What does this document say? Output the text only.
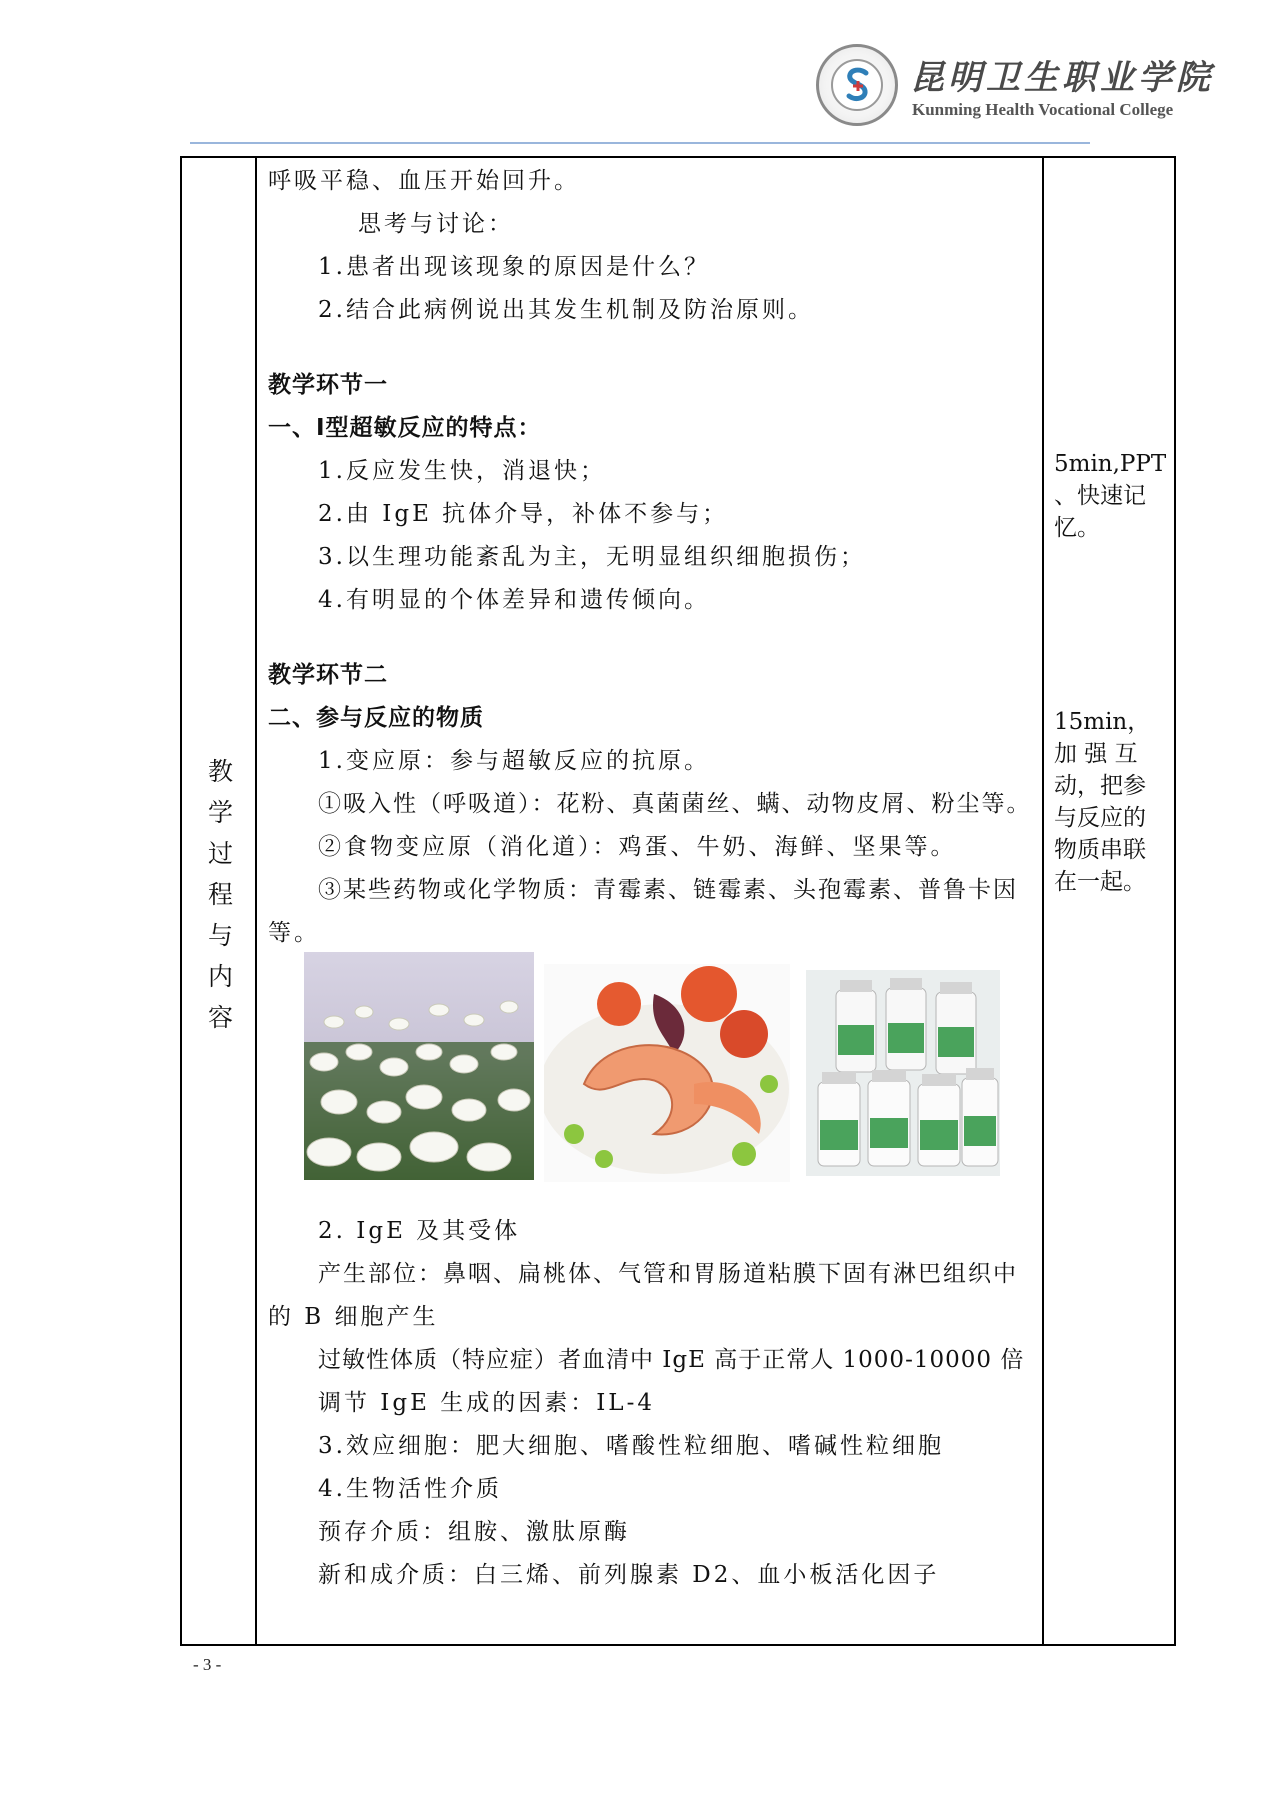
昆明卫生职业学院
Kunming Health Vocational College
教学过程与内容
呼吸平稳、血压开始回升。
思考与讨论：
1.患者出现该现象的原因是什么？
2.结合此病例说出其发生机制及防治原则。
教学环节一
一、Ⅰ型超敏反应的特点：
1.反应发生快，消退快；
2.由 IgE 抗体介导，补体不参与；
3.以生理功能紊乱为主，无明显组织细胞损伤；
4.有明显的个体差异和遗传倾向。
教学环节二
二、参与反应的物质
1.变应原：参与超敏反应的抗原。
①吸入性（呼吸道）：花粉、真菌菌丝、螨、动物皮屑、粉尘等。
②食物变应原（消化道）：鸡蛋、牛奶、海鲜、坚果等。
③某些药物或化学物质：青霉素、链霉素、头孢霉素、普鲁卡因
等。
2. IgE 及其受体
产生部位：鼻咽、扁桃体、气管和胃肠道粘膜下固有淋巴组织中
的 B 细胞产生
过敏性体质（特应症）者血清中 IgE 高于正常人 1000-10000 倍
调节 IgE 生成的因素：IL-4
3.效应细胞：肥大细胞、嗜酸性粒细胞、嗜碱性粒细胞
4.生物活性介质
预存介质：组胺、激肽原酶
新和成介质：白三烯、前列腺素 D2、血小板活化因子
5min,PPT
、快速记
忆。
15min，
加 强 互
动，把参
与反应的
物质串联
在一起。
- 3 -
